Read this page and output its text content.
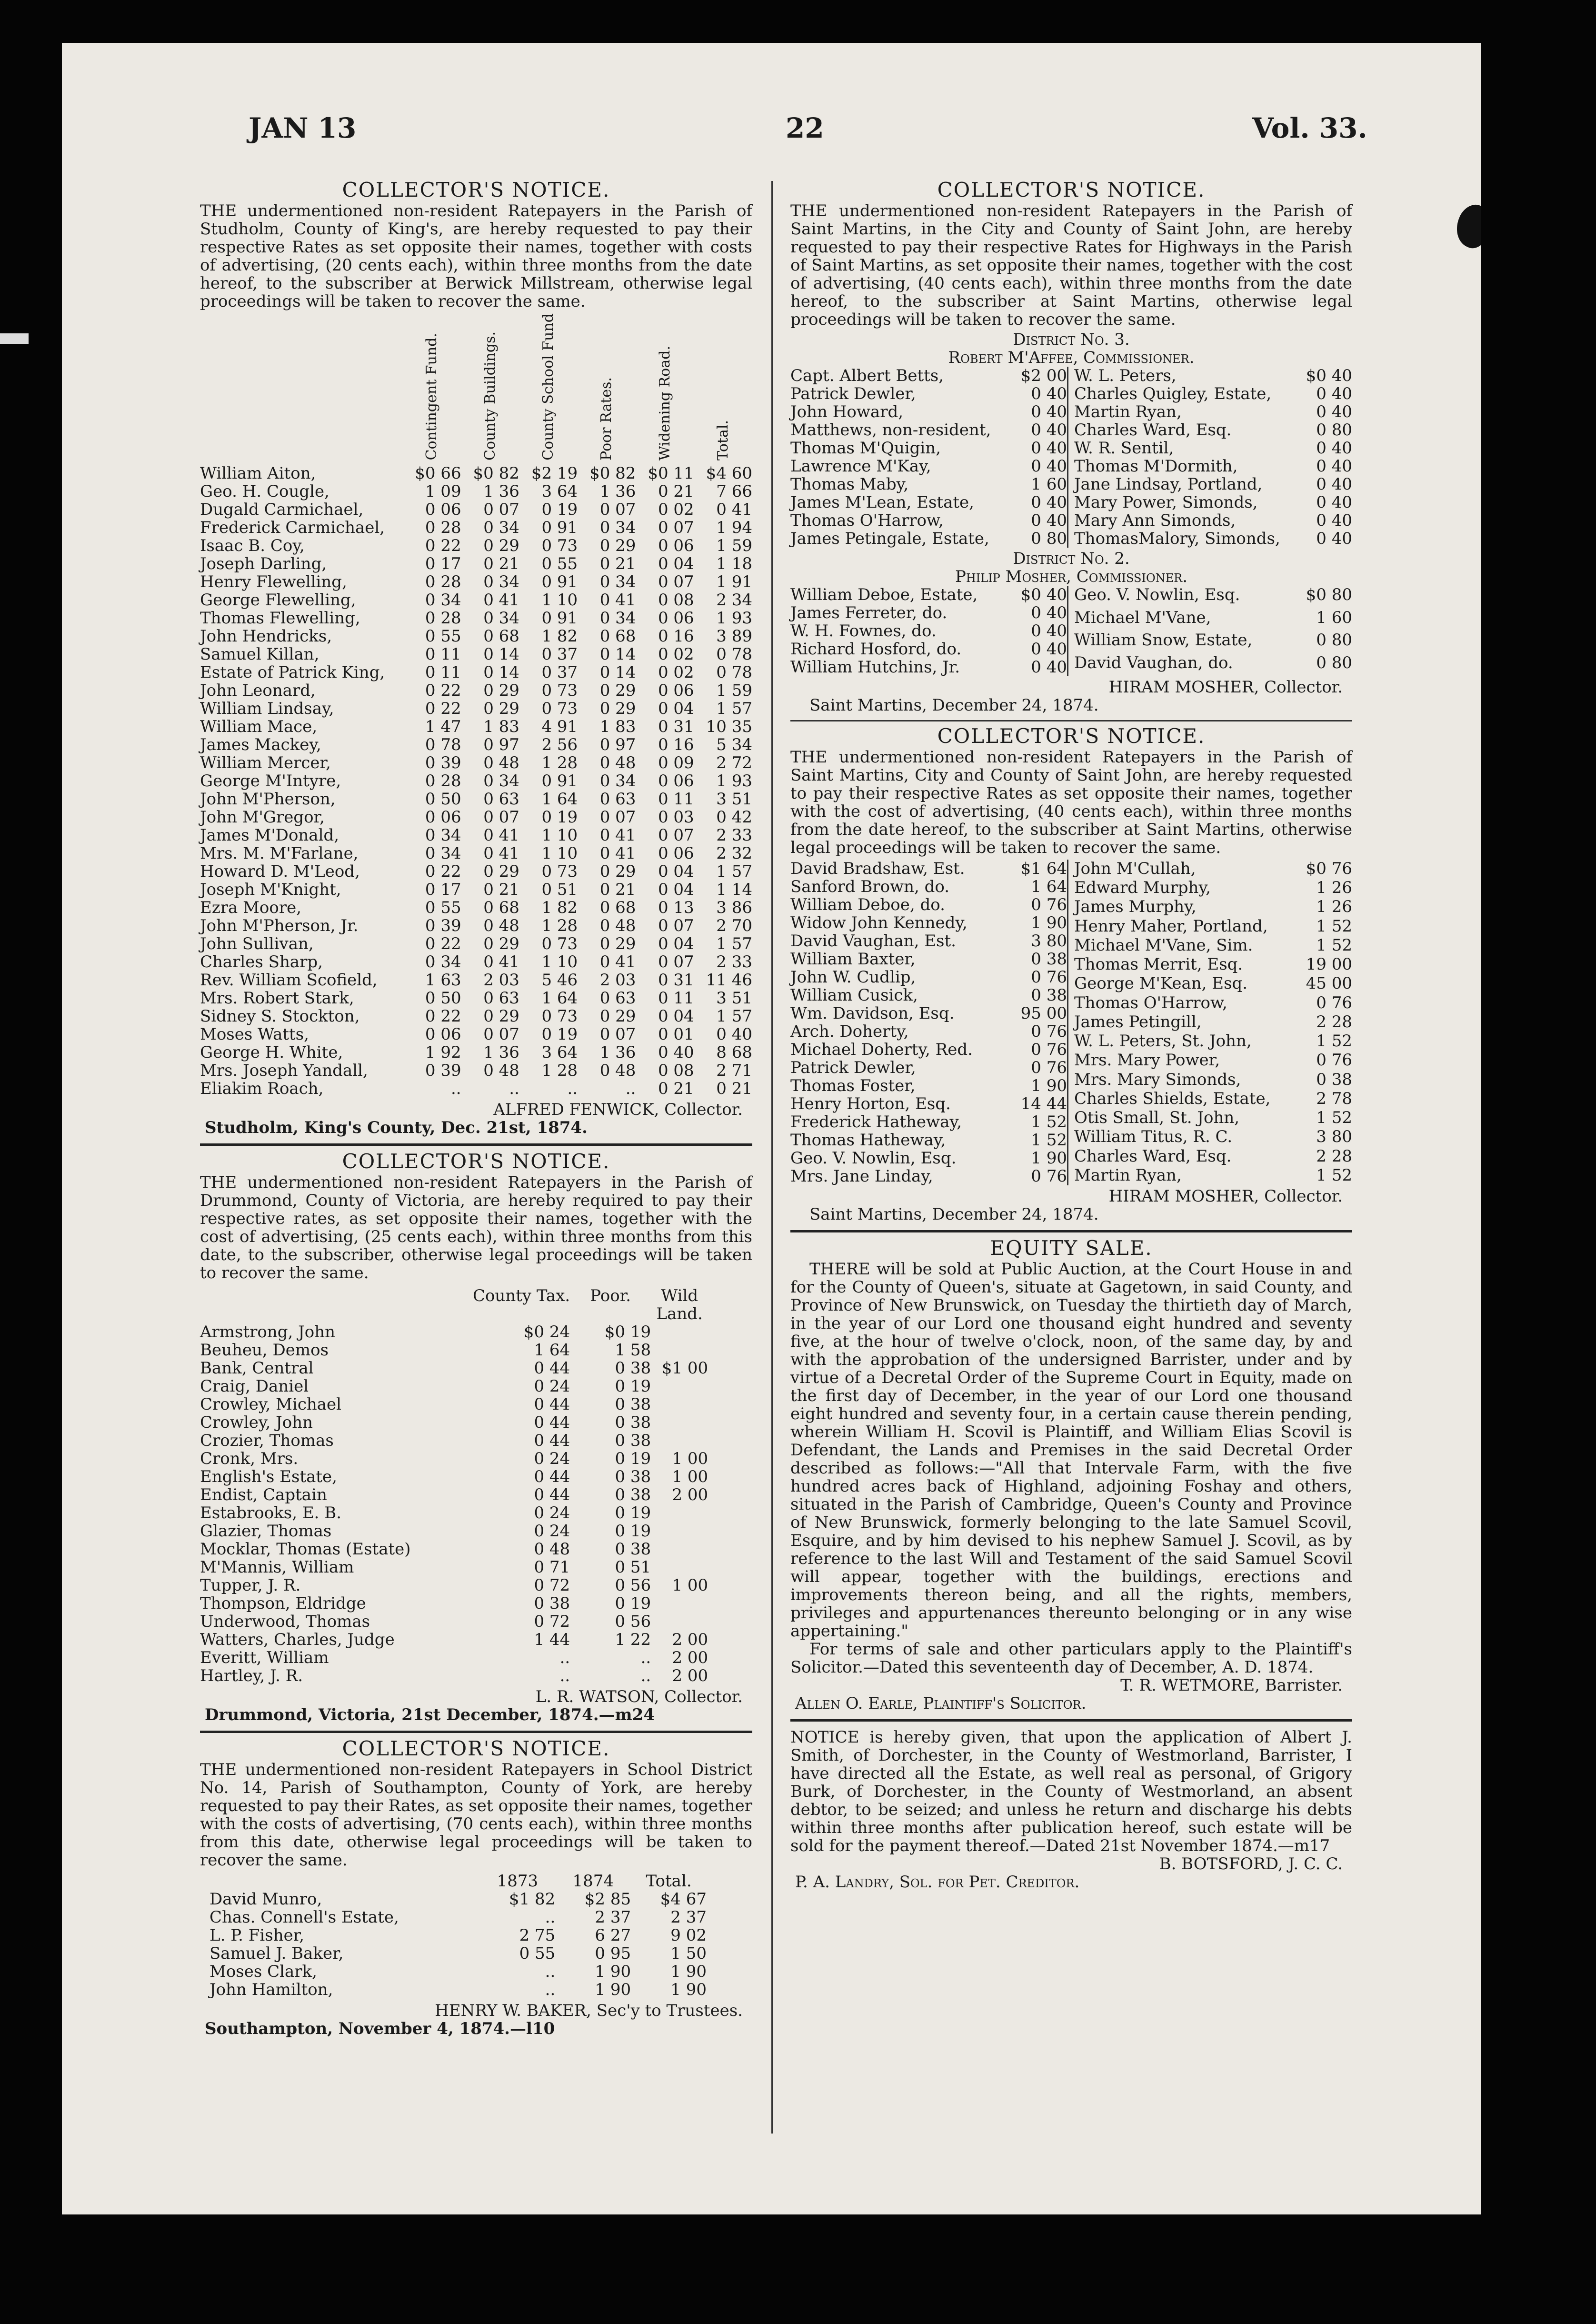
JAN 13	22	Vol. 33.
COLLECTOR'S NOTICE.

THE undermentioned non-resident Ratepayers in the Parish of Studholm, County of King's, are hereby requested to pay their respective Rates as set opposite their names, together with costs of advertising, (20 cents each), within three months from the date hereof, to the subscriber at Berwick Millstream, otherwise legal proceedings will be taken to recover the same.

	Contingent Fund.	County Buildings.	County School Fund	Poor Rates.	Widening Road.	Total.
William Aiton,	$0 66	$0 82	$2 19	$0 82	$0 11	$4 60
Geo. H. Cougle,	1 09	1 36	3 64	1 36	0 21	7 66
Dugald Carmichael,	0 06	0 07	0 19	0 07	0 02	0 41
Frederick Carmichael,	0 28	0 34	0 91	0 34	0 07	1 94
Isaac B. Coy,	0 22	0 29	0 73	0 29	0 06	1 59
Joseph Darling,	0 17	0 21	0 55	0 21	0 04	1 18
Henry Flewelling,	0 28	0 34	0 91	0 34	0 07	1 91
George Flewelling,	0 34	0 41	1 10	0 41	0 08	2 34
Thomas Flewelling,	0 28	0 34	0 91	0 34	0 06	1 93
John Hendricks,	0 55	0 68	1 82	0 68	0 16	3 89
Samuel Killan,	0 11	0 14	0 37	0 14	0 02	0 78
Estate of Patrick King,	0 11	0 14	0 37	0 14	0 02	0 78
John Leonard,	0 22	0 29	0 73	0 29	0 06	1 59
William Lindsay,	0 22	0 29	0 73	0 29	0 04	1 57
William Mace,	1 47	1 83	4 91	1 83	0 31	10 35
James Mackey,	0 78	0 97	2 56	0 97	0 16	5 34
William Mercer,	0 39	0 48	1 28	0 48	0 09	2 72
George M'Intyre,	0 28	0 34	0 91	0 34	0 06	1 93
John M'Pherson,	0 50	0 63	1 64	0 63	0 11	3 51
John M'Gregor,	0 06	0 07	0 19	0 07	0 03	0 42
James M'Donald,	0 34	0 41	1 10	0 41	0 07	2 33
Mrs. M. M'Farlane,	0 34	0 41	1 10	0 41	0 06	2 32
Howard D. M'Leod,	0 22	0 29	0 73	0 29	0 04	1 57
Joseph M'Knight,	0 17	0 21	0 51	0 21	0 04	1 14
Ezra Moore,	0 55	0 68	1 82	0 68	0 13	3 86
John M'Pherson, Jr.	0 39	0 48	1 28	0 48	0 07	2 70
John Sullivan,	0 22	0 29	0 73	0 29	0 04	1 57
Charles Sharp,	0 34	0 41	1 10	0 41	0 07	2 33
Rev. William Scofield,	1 63	2 03	5 46	2 03	0 31	11 46
Mrs. Robert Stark,	0 50	0 63	1 64	0 63	0 11	3 51
Sidney S. Stockton,	0 22	0 29	0 73	0 29	0 04	1 57
Moses Watts,	0 06	0 07	0 19	0 07	0 01	0 40
George H. White,	1 92	1 36	3 64	1 36	0 40	8 68
Mrs. Joseph Yandall,	0 39	0 48	1 28	0 48	0 08	2 71
Eliakim Roach,	..	..	..	..	0 21	0 21
ALFRED FENWICK, Collector.
Studholm, King's County, Dec. 21st, 1874.
COLLECTOR'S NOTICE.

THE undermentioned non-resident Ratepayers in the Parish of Drummond, County of Victoria, are hereby required to pay their respective rates, as set opposite their names, together with the cost of advertising, (25 cents each), within three months from this date, to the subscriber, otherwise legal proceedings will be taken to recover the same.

	County Tax.	Poor.	Wild Land.
Armstrong, John	$0 24	$0 19	
Beuheu, Demos	1 64	1 58	
Bank, Central	0 44	0 38	$1 00
Craig, Daniel	0 24	0 19	
Crowley, Michael	0 44	0 38	
Crowley, John	0 44	0 38	
Crozier, Thomas	0 44	0 38	
Cronk, Mrs.	0 24	0 19	1 00
English's Estate,	0 44	0 38	1 00
Endist, Captain	0 44	0 38	2 00
Estabrooks, E. B.	0 24	0 19	
Glazier, Thomas	0 24	0 19	
Mocklar, Thomas (Estate)	0 48	0 38	
M'Mannis, William	0 71	0 51	
Tupper, J. R.	0 72	0 56	1 00
Thompson, Eldridge	0 38	0 19	
Underwood, Thomas	0 72	0 56	
Watters, Charles, Judge	1 44	1 22	2 00
Everitt, William	..	..	2 00
Hartley, J. R.	..	..	2 00
L. R. WATSON, Collector.
Drummond, Victoria, 21st December, 1874.—m24
COLLECTOR'S NOTICE.

THE undermentioned non-resident Ratepayers in School District No. 14, Parish of Southampton, County of York, are hereby requested to pay their Rates, as set opposite their names, together with the costs of advertising, (70 cents each), within three months from this date, otherwise legal proceedings will be taken to recover the same.

	1873	1874	Total.
David Munro,	$1 82	$2 85	$4 67
Chas. Connell's Estate,	..	2 37	2 37
L. P. Fisher,	2 75	6 27	9 02
Samuel J. Baker,	0 55	0 95	1 50
Moses Clark,	..	1 90	1 90
John Hamilton,	..	1 90	1 90
HENRY W. BAKER, Sec'y to Trustees.
Southampton, November 4, 1874.—l10
COLLECTOR'S NOTICE.

THE undermentioned non-resident Ratepayers in the Parish of Saint Martins, in the City and County of Saint John, are hereby requested to pay their respective Rates for Highways in the Parish of Saint Martins, as set opposite their names, together with the cost of advertising, (40 cents each), within three months from the date hereof, to the subscriber at Saint Martins, otherwise legal proceedings will be taken to recover the same.

District No. 3.
Robert M'Affee, Commissioner.
Capt. Albert Betts,	$2 00
Patrick Dewler,	0 40
John Howard,	0 40
Matthews, non-resident,	0 40
Thomas M'Quigin,	0 40
Lawrence M'Kay,	0 40
Thomas Maby,	1 60
James M'Lean, Estate,	0 40
Thomas O'Harrow,	0 40
James Petingale, Estate,	0 80
W. L. Peters,	$0 40
Charles Quigley, Estate,	0 40
Martin Ryan,	0 40
Charles Ward, Esq.	0 80
W. R. Sentil,	0 40
Thomas M'Dormith,	0 40
Jane Lindsay, Portland,	0 40
Mary Power, Simonds,	0 40
Mary Ann Simonds,	0 40
ThomasMalory, Simonds,	0 40
District No. 2.
Philip Mosher, Commissioner.
William Deboe, Estate,	$0 40
James Ferreter, do.	0 40
W. H. Fownes, do.	0 40
Richard Hosford, do.	0 40
William Hutchins, Jr.	0 40
Geo. V. Nowlin, Esq.	$0 80
Michael M'Vane,	1 60
William Snow, Estate,	0 80
David Vaughan, do.	0 80
HIRAM MOSHER, Collector.
Saint Martins, December 24, 1874.
COLLECTOR'S NOTICE.

THE undermentioned non-resident Ratepayers in the Parish of Saint Martins, City and County of Saint John, are hereby requested to pay their respective Rates as set opposite their names, together with the cost of advertising, (40 cents each), within three months from the date hereof, to the subscriber at Saint Martins, otherwise legal proceedings will be taken to recover the same.

David Bradshaw, Est.	$1 64
Sanford Brown, do.	1 64
William Deboe, do.	0 76
Widow John Kennedy,	1 90
David Vaughan, Est.	3 80
William Baxter,	0 38
John W. Cudlip,	0 76
William Cusick,	0 38
Wm. Davidson, Esq.	95 00
Arch. Doherty,	0 76
Michael Doherty, Red.	0 76
Patrick Dewler,	0 76
Thomas Foster,	1 90
Henry Horton, Esq.	14 44
Frederick Hatheway,	1 52
Thomas Hatheway,	1 52
Geo. V. Nowlin, Esq.	1 90
Mrs. Jane Linday,	0 76
John M'Cullah,	$0 76
Edward Murphy,	1 26
James Murphy,	1 26
Henry Maher, Portland,	1 52
Michael M'Vane, Sim.	1 52
Thomas Merrit, Esq.	19 00
George M'Kean, Esq.	45 00
Thomas O'Harrow,	0 76
James Petingill,	2 28
W. L. Peters, St. John,	1 52
Mrs. Mary Power,	0 76
Mrs. Mary Simonds,	0 38
Charles Shields, Estate,	2 78
Otis Small, St. John,	1 52
William Titus, R. C.	3 80
Charles Ward, Esq.	2 28
Martin Ryan,	1 52
HIRAM MOSHER, Collector.
Saint Martins, December 24, 1874.
EQUITY SALE.

THERE will be sold at Public Auction, at the Court House in and for the County of Queen's, situate at Gagetown, in said County, and Province of New Brunswick, on Tuesday the thirtieth day of March, in the year of our Lord one thousand eight hundred and seventy five, at the hour of twelve o'clock, noon, of the same day, by and with the approbation of the undersigned Barrister, under and by virtue of a Decretal Order of the Supreme Court in Equity, made on the first day of December, in the year of our Lord one thousand eight hundred and seventy four, in a certain cause therein pending, wherein William H. Scovil is Plaintiff, and William Elias Scovil is Defendant, the Lands and Premises in the said Decretal Order described as follows:—"All that Intervale Farm, with the five hundred acres back of Highland, adjoining Foshay and others, situated in the Parish of Cambridge, Queen's County and Province of New Brunswick, formerly belonging to the late Samuel Scovil, Esquire, and by him devised to his nephew Samuel J. Scovil, as by reference to the last Will and Testament of the said Samuel Scovil will appear, together with the buildings, erections and improvements thereon being, and all the rights, members, privileges and appurtenances thereunto belonging or in any wise appertaining."

For terms of sale and other particulars apply to the Plaintiff's Solicitor.—Dated this seventeenth day of December, A. D. 1874.

T. R. WETMORE, Barrister.
Allen O. Earle, Plaintiff's Solicitor.

NOTICE is hereby given, that upon the application of Albert J. Smith, of Dorchester, in the County of Westmorland, Barrister, I have directed all the Estate, as well real as personal, of Grigory Burk, of Dorchester, in the County of Westmorland, an absent debtor, to be seized; and unless he return and discharge his debts within three months after publication hereof, such estate will be sold for the payment thereof.—Dated 21st November 1874.—m17

B. BOTSFORD, J. C. C.
P. A. Landry, Sol. for Pet. Creditor.
